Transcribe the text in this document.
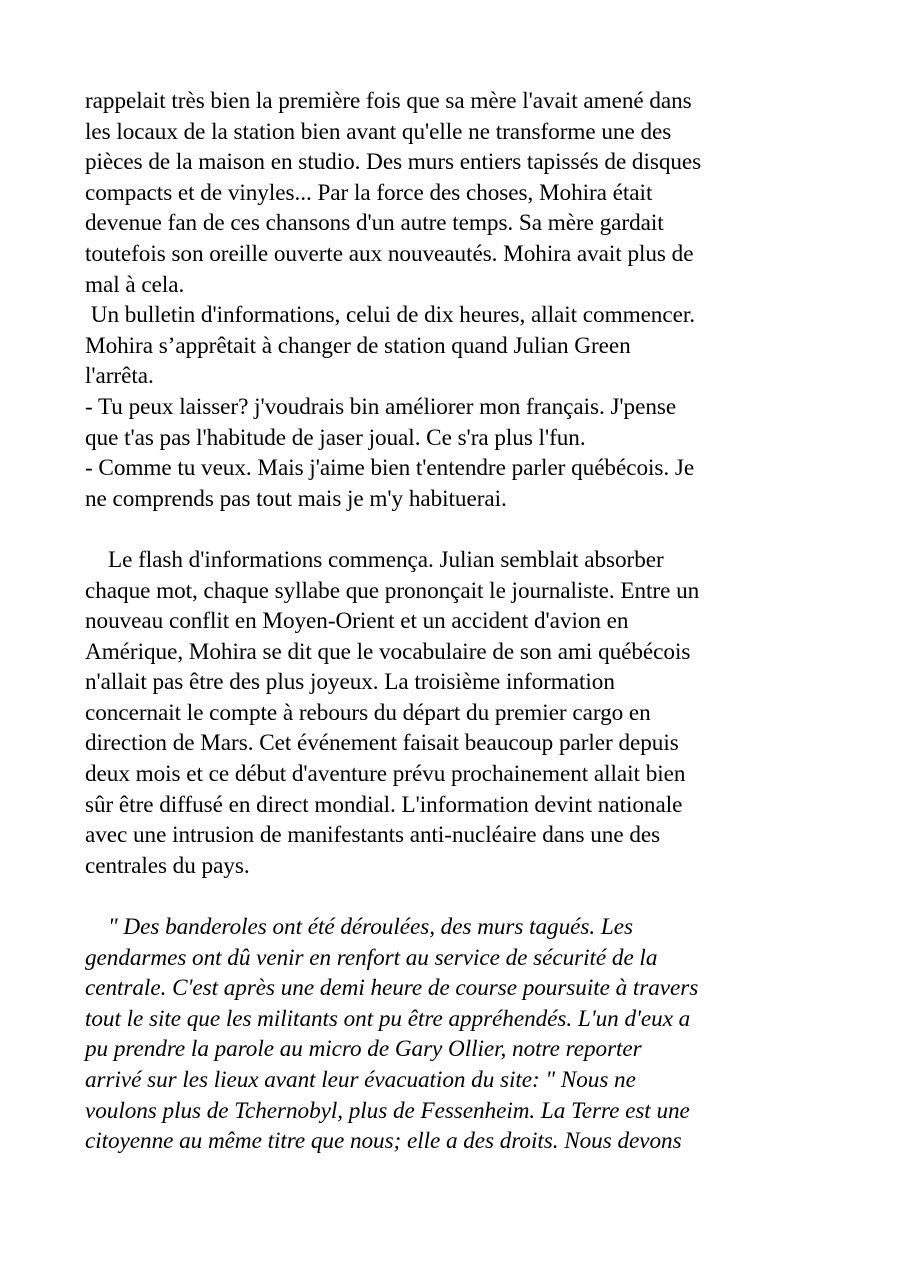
rappelait très bien la première fois que sa mère l'avait amené dans
les locaux de la station bien avant qu'elle ne transforme une des
pièces de la maison en studio. Des murs entiers tapissés de disques
compacts et de vinyles... Par la force des choses, Mohira était
devenue fan de ces chansons d'un autre temps. Sa mère gardait
toutefois son oreille ouverte aux nouveautés. Mohira avait plus de
mal à cela.

Un bulletin d'informations, celui de dix heures, allait commencer.
Mohira s’apprêtait à changer de station quand Julian Green
l'arrêta.
- Tu peux laisser? j'voudrais bin améliorer mon français. J'pense
que t'as pas l'habitude de jaser joual. Ce s'ra plus l'fun.
- Comme tu veux. Mais j'aime bien t'entendre parler québécois. Je
ne comprends pas tout mais je m'y habituerai.

Le flash d'informations commença. Julian semblait absorber
chaque mot, chaque syllabe que prononçait le journaliste. Entre un
nouveau conflit en Moyen-Orient et un accident d'avion en
Amérique, Mohira se dit que le vocabulaire de son ami québécois
n'allait pas être des plus joyeux. La troisième information
concernait le compte à rebours du départ du premier cargo en
direction de Mars. Cet événement faisait beaucoup parler depuis
deux mois et ce début d'aventure prévu prochainement allait bien
sûr être diffusé en direct mondial. L'information devint nationale
avec une intrusion de manifestants anti-nucléaire dans une des
centrales du pays.

" Des banderoles ont été déroulées, des murs tagués. Les
gendarmes ont dû venir en renfort au service de sécurité de la
centrale. C'est après une demi heure de course poursuite à travers
tout le site que les militants ont pu être appréhendés. L'un d'eux a
pu prendre la parole au micro de Gary Ollier, notre reporter
arrivé sur les lieux avant leur évacuation du site: " Nous ne
voulons plus de Tchernobyl, plus de Fessenheim. La Terre est une
citoyenne au même titre que nous; elle a des droits. Nous devons
